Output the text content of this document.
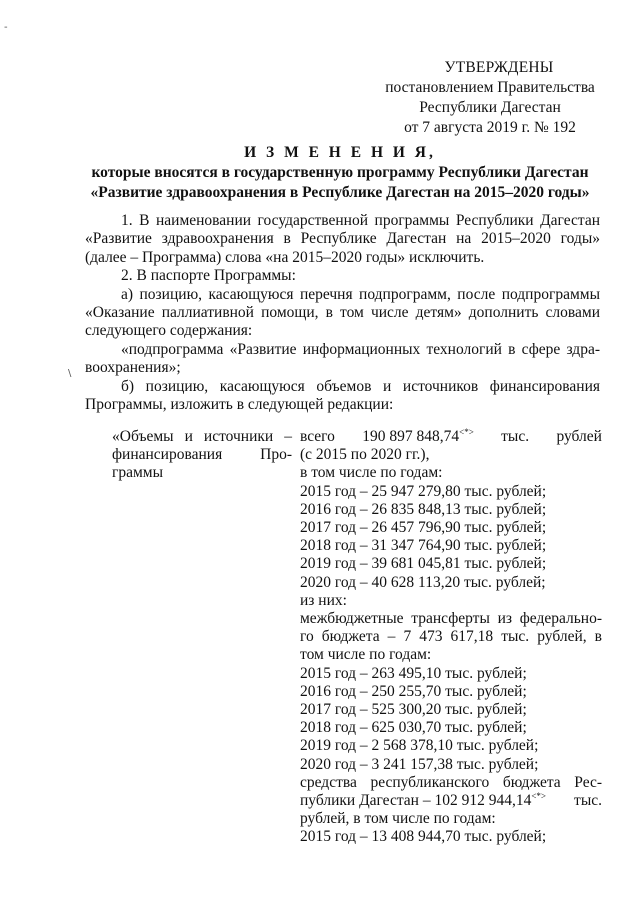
‐
\
УТВЕРЖДЕНЫ
постановлением Правительства
Республики Дагестан
от 7 августа 2019 г. № 192
И З М Е Н Е Н И Я,
которые вносятся в государственную программу Республики Дагестан
«Развитие здравоохранения в Республике Дагестан на 2015–2020 годы»

1. В наименовании государственной программы Республики Дагестан
«Развитие здравоохранения в Республике Дагестан на 2015–2020 годы»
(далее – Программа) слова «на 2015–2020 годы» исключить.

2. В паспорте Программы:

а) позицию, касающуюся перечня подпрограмм, после подпрограммы
«Оказание паллиативной помощи, в том числе детям» дополнить словами
следующего содержания:

«подпрограмма «Развитие информационных технологий в сфере здра-
воохранения»;

б) позицию, касающуюся объемов и источников финансирования
Программы, изложить в следующей редакции:

«Объемы и источники –
финансирования Про-
граммы
всего 190 897 848,74<*> тыс. рублей
(с 2015 по 2020 гг.),
в том числе по годам:
2015 год – 25 947 279,80 тыс. рублей;
2016 год – 26 835 848,13 тыс. рублей;
2017 год – 26 457 796,90 тыс. рублей;
2018 год – 31 347 764,90 тыс. рублей;
2019 год – 39 681 045,81 тыс. рублей;
2020 год – 40 628 113,20 тыс. рублей;
из них:
межбюджетные трансферты из федерально-
го бюджета – 7 473 617,18 тыс. рублей, в
том числе по годам:
2015 год – 263 495,10 тыс. рублей;
2016 год – 250 255,70 тыс. рублей;
2017 год – 525 300,20 тыс. рублей;
2018 год – 625 030,70 тыс. рублей;
2019 год – 2 568 378,10 тыс. рублей;
2020 год – 3 241 157,38 тыс. рублей;
средства республиканского бюджета Рес-
публики Дагестан – 102 912 944,14<*> тыс.
рублей, в том числе по годам:
2015 год – 13 408 944,70 тыс. рублей;
